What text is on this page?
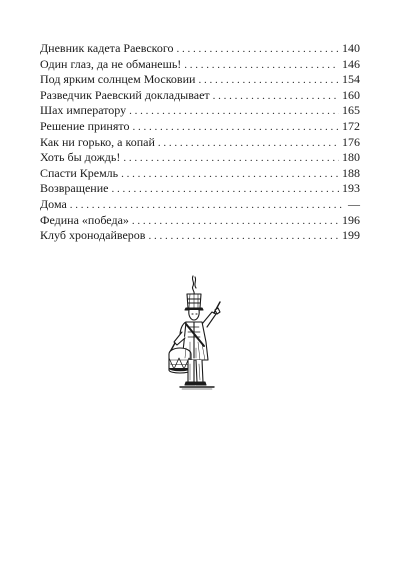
Дневник кадета Раевского . . .	140
Один глаз, да не обманешь! . . .	146
Под ярким солнцем Московии . . .	154
Разведчик Раевский докладывает . . .	160
Шах императору . . .	165
Решение принято . . .	172
Как ни горько, а копай . . .	176
Хоть бы дождь! . . .	180
Спасти Кремль . . .	188
Возвращение . . .	193
Дома . . .	—
Федина «победа» . . .	196
Клуб хронодайверов . . .	199
